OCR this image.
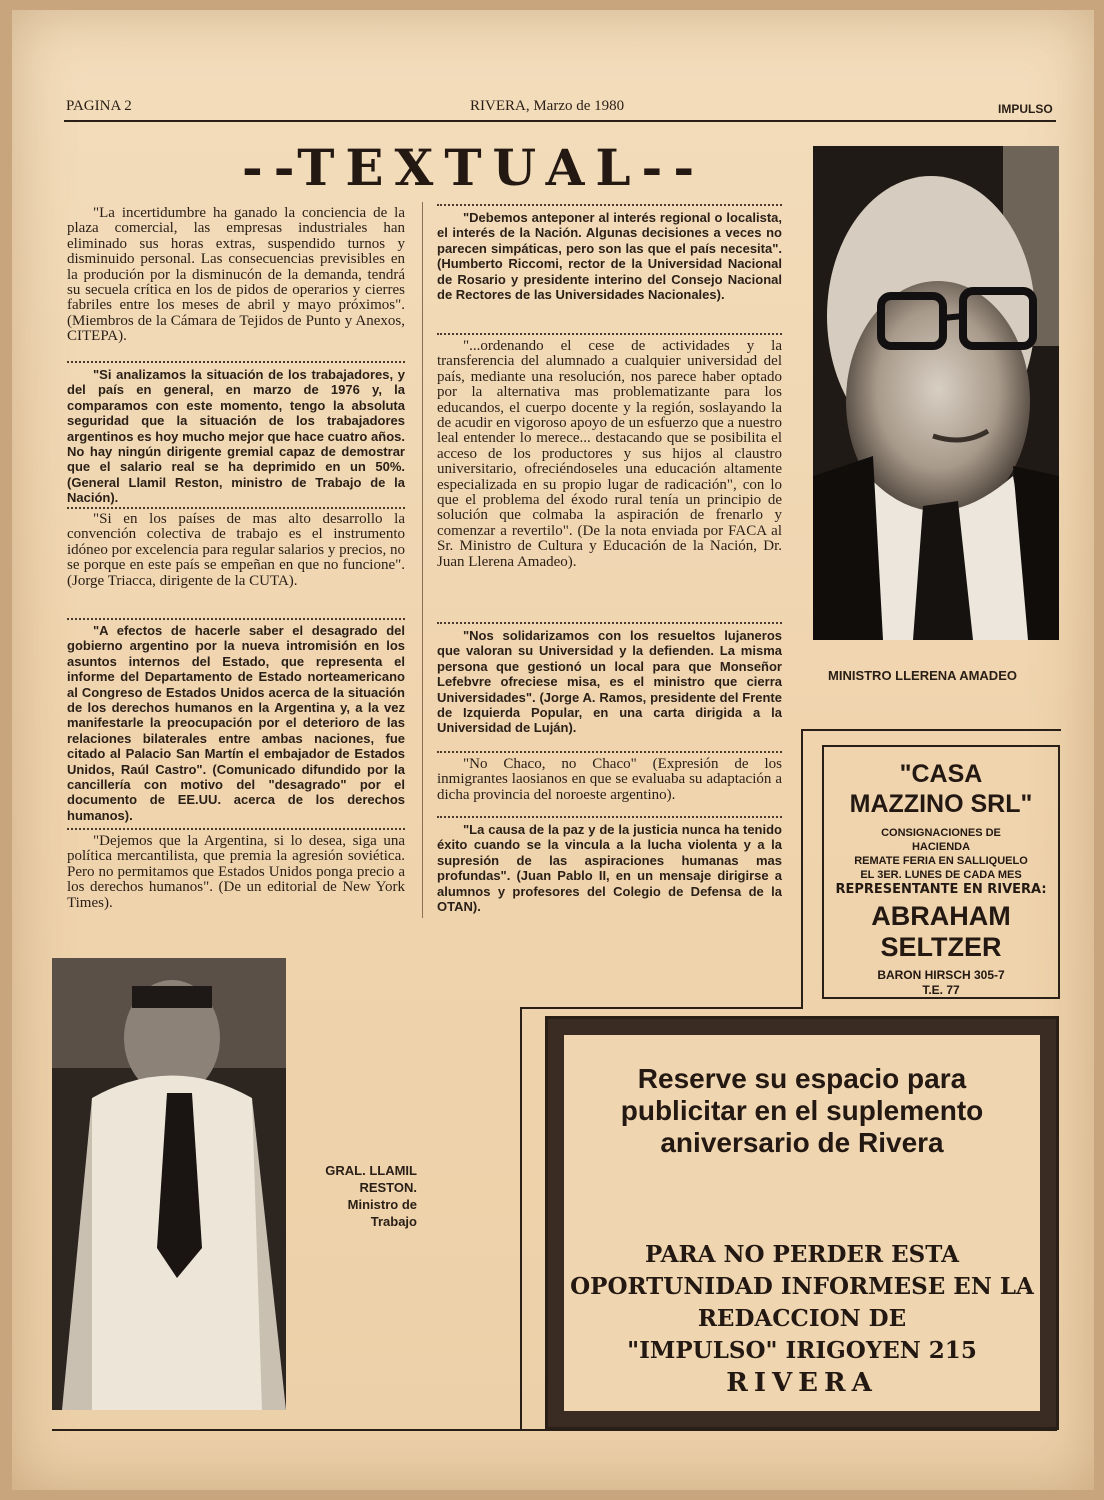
PAGINA 2	RIVERA, Marzo de 1980	IMPULSO
--TEXTUAL--

"La incertidumbre ha ganado la conciencia de la plaza comercial, las empresas industriales han eliminado sus horas extras, suspendido turnos y disminuido personal. Las consecuencias previsibles en la produción por la disminucón de la demanda, tendrá su secuela crítica en los de pidos de operarios y cierres fabriles entre los meses de abril y mayo próximos". (Miembros de la Cámara de Tejidos de Punto y Anexos, CITEPA).

"Si analizamos la situación de los trabajadores, y del país en general, en marzo de 1976 y, la comparamos con este momento, tengo la absoluta seguridad que la situación de los trabajadores argentinos es hoy mucho mejor que hace cuatro años. No hay ningún dirigente gremial capaz de demostrar que el salario real se ha deprimido en un 50%. (General Llamil Reston, ministro de Trabajo de la Nación).

"Si en los países de mas alto desarrollo la convención colectiva de trabajo es el instrumento idóneo por excelencia para regular salarios y precios, no se porque en este país se empeñan en que no funcione". (Jorge Triacca, dirigente de la CUTA).

"A efectos de hacerle saber el desagrado del gobierno argentino por la nueva intromisión en los asuntos internos del Estado, que representa el informe del Departamento de Estado norteamericano al Congreso de Estados Unidos acerca de la situación de los derechos humanos en la Argentina y, a la vez manifestarle la preocupación por el deterioro de las relaciones bilaterales entre ambas naciones, fue citado al Palacio San Martín el embajador de Estados Unidos, Raúl Castro". (Comunicado difundido por la cancillería con motivo del "desagrado" por el documento de EE.UU. acerca de los derechos humanos).

"Dejemos que la Argentina, si lo desea, siga una política mercantilista, que premia la agresión soviética. Pero no permitamos que Estados Unidos ponga precio a los derechos humanos". (De un editorial de New York Times).

"Debemos anteponer al interés regional o localista, el interés de la Nación. Algunas decisiones a veces no parecen simpáticas, pero son las que el país necesita". (Humberto Riccomi, rector de la Universidad Nacional de Rosario y presidente interino del Consejo Nacional de Rectores de las Universidades Nacionales).

"...ordenando el cese de actividades y la transferencia del alumnado a cualquier universidad del país, mediante una resolución, nos parece haber optado por la alternativa mas problematizante para los educandos, el cuerpo docente y la región, soslayando la de acudir en vigoroso apoyo de un esfuerzo que a nuestro leal entender lo merece... destacando que se posibilita el acceso de los productores y sus hijos al claustro universitario, ofreciéndoseles una educación altamente especializada en su propio lugar de radicación", con lo que el problema del éxodo rural tenía un principio de solución que colmaba la aspiración de frenarlo y comenzar a revertilo". (De la nota enviada por FACA al Sr. Ministro de Cultura y Educación de la Nación, Dr. Juan Llerena Amadeo).

"Nos solidarizamos con los resueltos lujaneros que valoran su Universidad y la defienden. La misma persona que gestionó un local para que Monseñor Lefebvre ofreciese misa, es el ministro que cierra Universidades". (Jorge A. Ramos, presidente del Frente de Izquierda Popular, en una carta dirigida a la Universidad de Luján).

"No Chaco, no Chaco" (Expresión de los inmigrantes laosianos en que se evaluaba su adaptación a dicha provincia del noroeste argentino).

"La causa de la paz y de la justicia nunca ha tenido éxito cuando se la vincula a la lucha violenta y a la supresión de las aspiraciones humanas mas profundas". (Juan Pablo II, en un mensaje dirigirse a alumnos y profesores del Colegio de Defensa de la OTAN).

MINISTRO LLERENA AMADEO
"CASA
MAZZINO SRL"
CONSIGNACIONES DE
HACIENDA
REMATE FERIA EN SALLIQUELO
EL 3ER. LUNES DE CADA MES
REPRESENTANTE EN RIVERA:
ABRAHAM
SELTZER
BARON HIRSCH 305-7
T.E. 77
GRAL. LLAMIL
RESTON.
Ministro de
Trabajo
Reserve su espacio para
publicitar en el suplemento
aniversario de Rivera
PARA NO PERDER ESTA
OPORTUNIDAD INFORMESE EN LA
REDACCION DE
"IMPULSO" IRIGOYEN 215
RIVERA
